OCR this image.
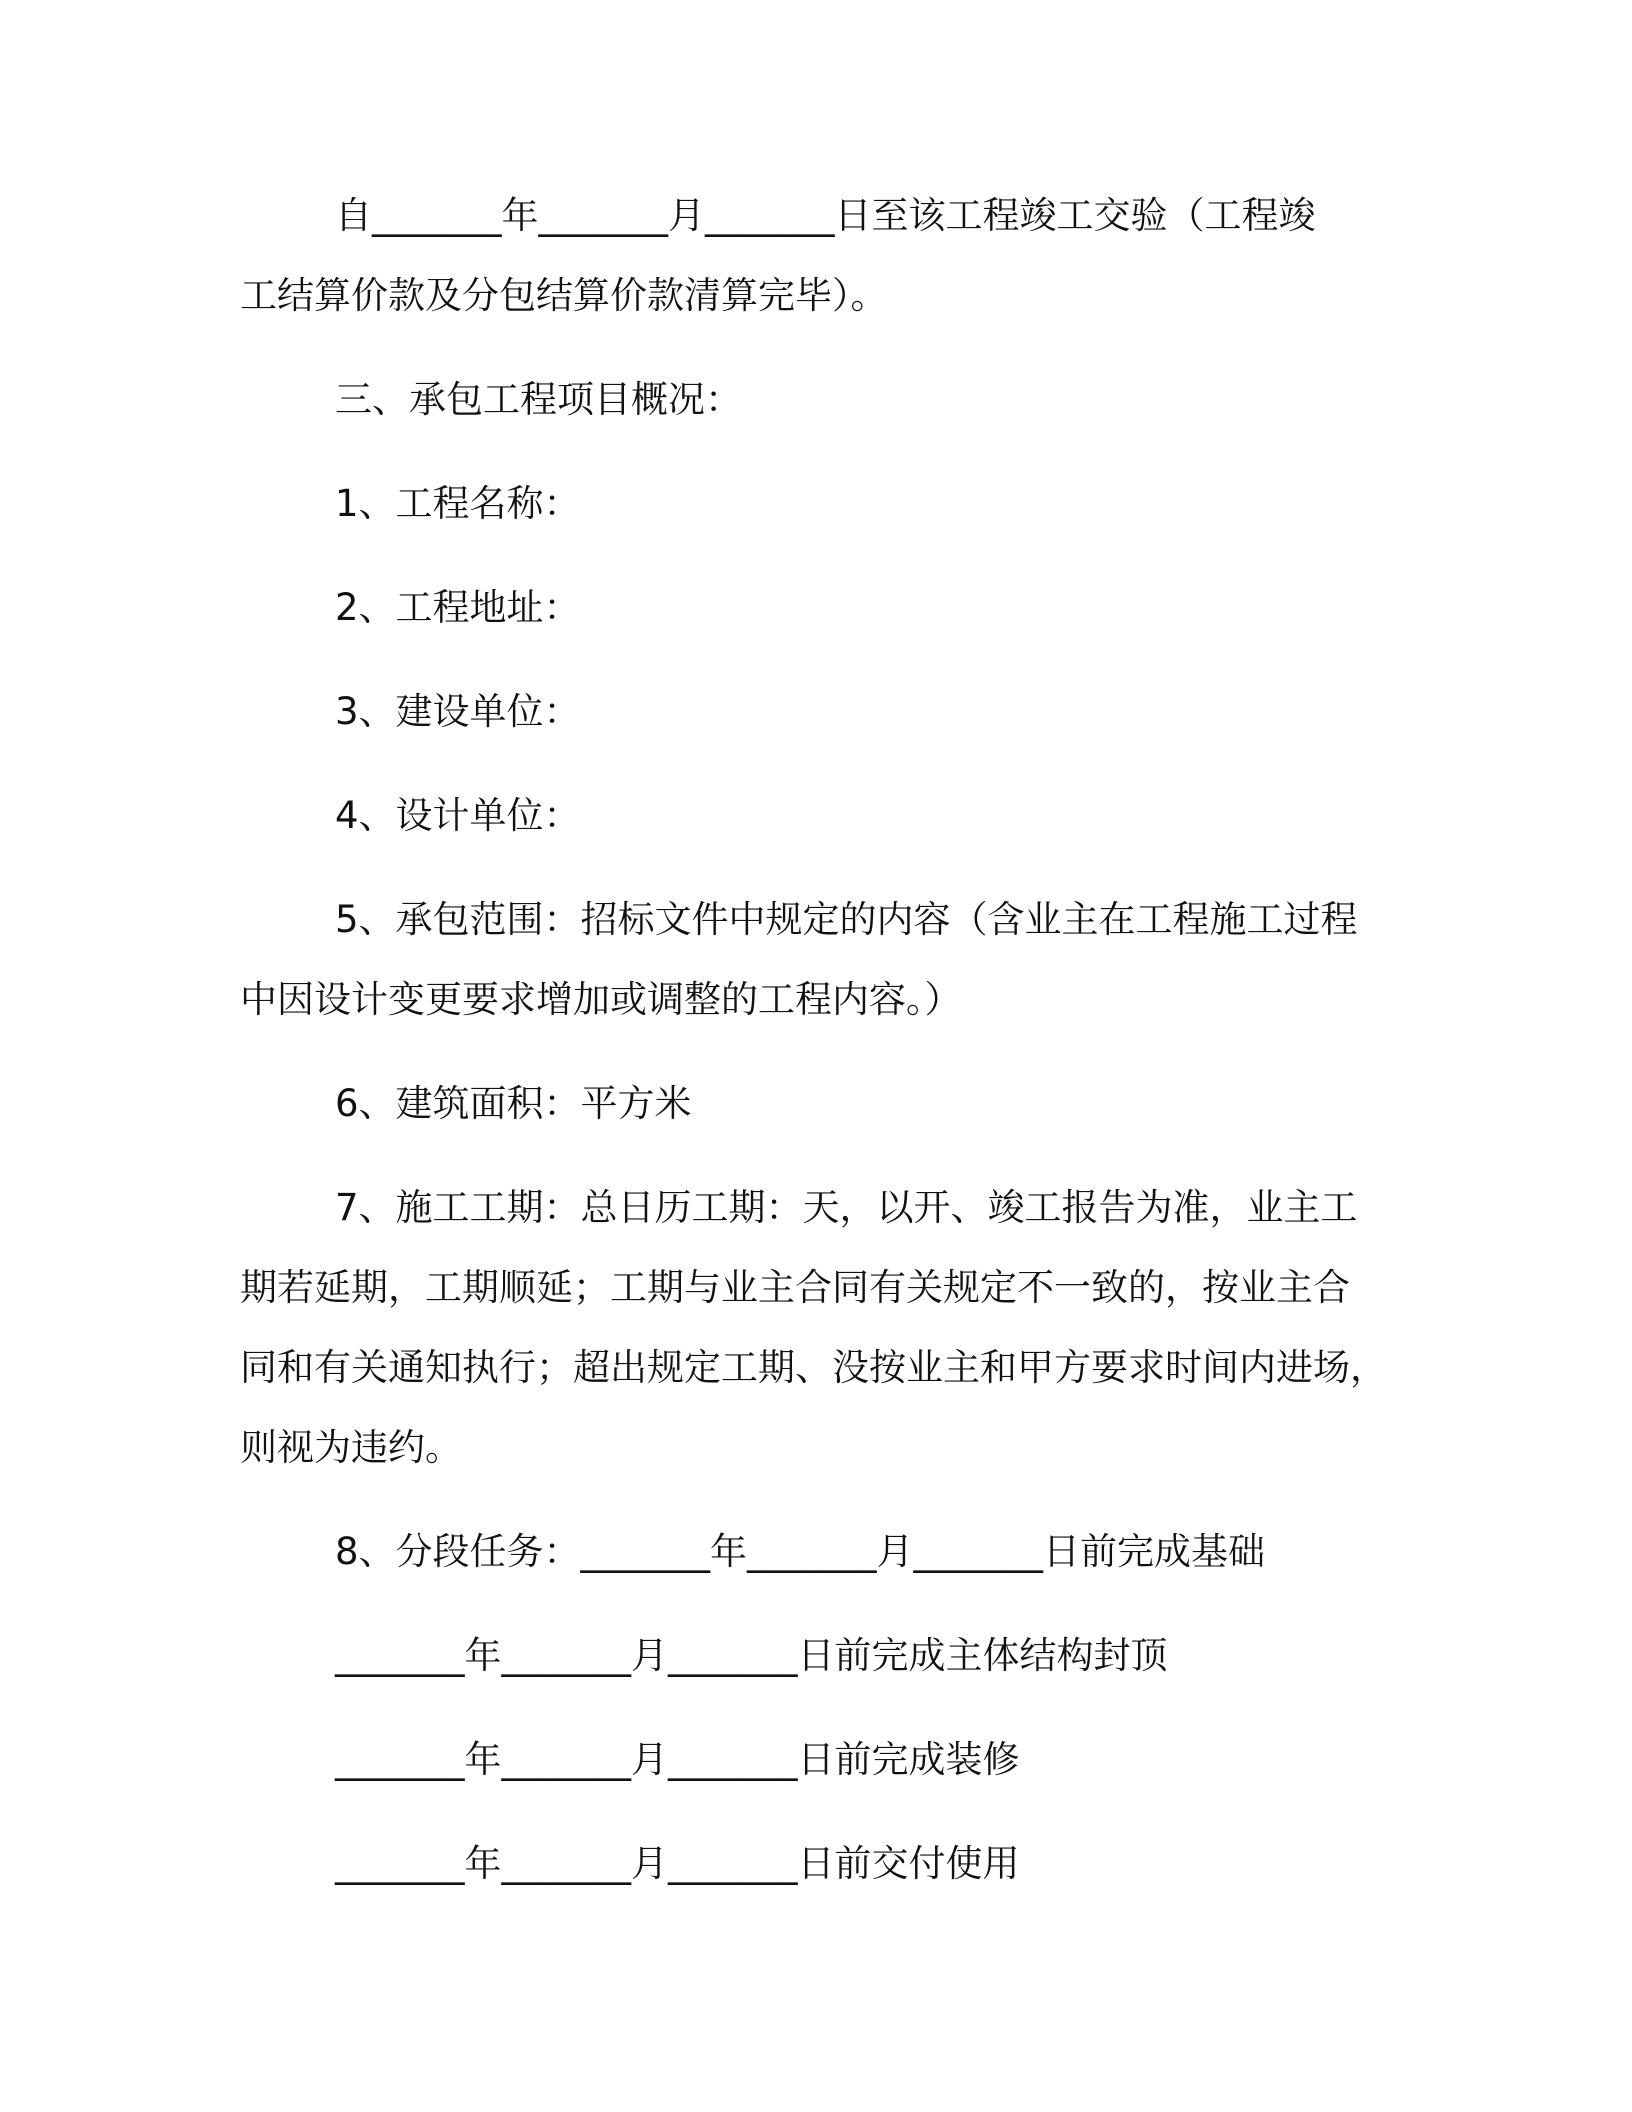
自_______年_______月_______日至该工程竣工交验（工程竣
工结算价款及分包结算价款清算完毕）。
三、承包工程项目概况：
1、工程名称：
2、工程地址：
3、建设单位：
4、设计单位：
5、承包范围：招标文件中规定的内容（含业主在工程施工过程
中因设计变更要求增加或调整的工程内容。）
6、建筑面积：平方米
7、施工工期：总日历工期：天，以开、竣工报告为准，业主工
期若延期，工期顺延；工期与业主合同有关规定不一致的，按业主合
同和有关通知执行；超出规定工期、没按业主和甲方要求时间内进场，
则视为违约。
8、分段任务：_______年_______月_______日前完成基础
_______年_______月_______日前完成主体结构封顶
_______年_______月_______日前完成装修
_______年_______月_______日前交付使用
